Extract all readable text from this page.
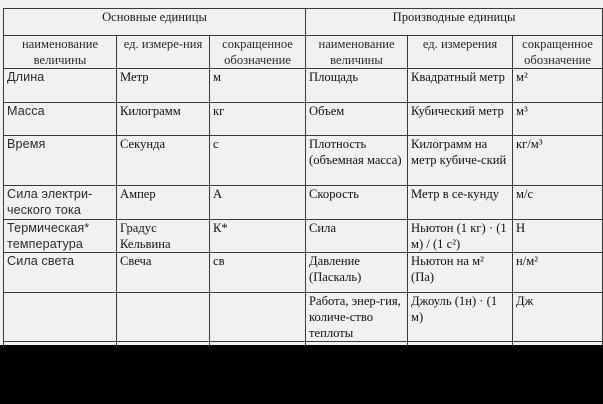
Основные единицы			Производные единицы		
наименование величины	ед. измере-ния	сокращенное обозначение	наименование величины	ед. измерения	сокращенное обозначение
Длина	Метр	м	Площадь	Квадратный метр	м²
Масса	Килограмм	кг	Объем	Кубический метр	м³
Время	Секунда	с	Плотность (объемная масса)	Килограмм на метр кубиче-ский	кг/м³
Сила электри-ческого тока	Ампер	А	Скорость	Метр в се-кунду	м/с
Термическая* температура	Градус Кельвина	К*	Сила	Ньютон (1 кг) · (1 м) / (1 с²)	Н
Сила света	Свеча	св	Давление (Паскаль)	Ньютон на м² (Па)	н/м²
			Работа, энер-гия, количе-ство теплоты	Джоуль (1н) · (1 м)	Дж
